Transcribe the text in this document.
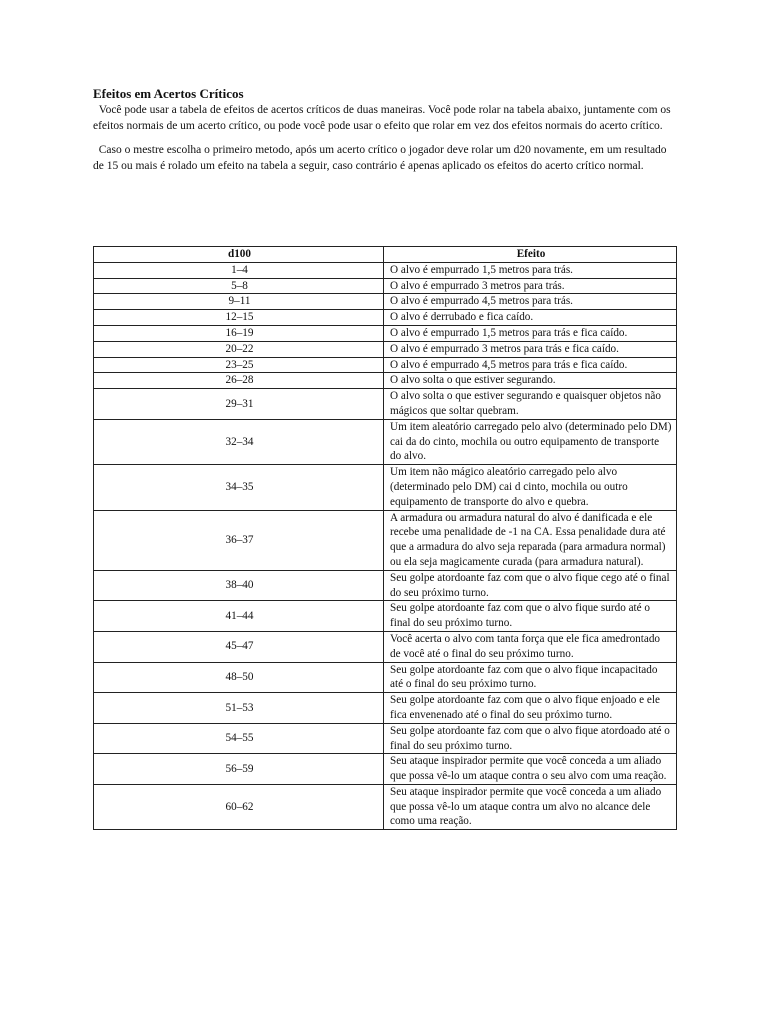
Efeitos em Acertos Críticos

Você pode usar a tabela de efeitos de acertos críticos de duas maneiras. Você pode rolar na tabela abaixo, juntamente com os efeitos normais de um acerto crítico, ou pode você pode usar o efeito que rolar em vez dos efeitos normais do acerto crítico.

Caso o mestre escolha o primeiro metodo, após um acerto crítico o jogador deve rolar um d20 novamente, em um resultado de 15 ou mais é rolado um efeito na tabela a seguir, caso contrário é apenas aplicado os efeitos do acerto crítico normal.

d100	Efeito
1–4	O alvo é empurrado 1,5 metros para trás.
5–8	O alvo é empurrado 3 metros para trás.
9–11	O alvo é empurrado 4,5 metros para trás.
12–15	O alvo é derrubado e fica caído.
16–19	O alvo é empurrado 1,5 metros para trás e fica caído.
20–22	O alvo é empurrado 3 metros para trás e fica caído.
23–25	O alvo é empurrado 4,5 metros para trás e fica caído.
26–28	O alvo solta o que estiver segurando.
29–31	O alvo solta o que estiver segurando e quaisquer objetos não mágicos que soltar quebram.
32–34	Um item aleatório carregado pelo alvo (determinado pelo DM) cai da do cinto, mochila ou outro equipamento de transporte do alvo.
34–35	Um item não mágico aleatório carregado pelo alvo (determinado pelo DM) cai d cinto, mochila ou outro equipamento de transporte do alvo e quebra.
36–37	A armadura ou armadura natural do alvo é danificada e ele recebe uma penalidade de -1 na CA. Essa penalidade dura até que a armadura do alvo seja reparada (para armadura normal) ou ela seja magicamente curada (para armadura natural).
38–40	Seu golpe atordoante faz com que o alvo fique cego até o final do seu próximo turno.
41–44	Seu golpe atordoante faz com que o alvo fique surdo até o final do seu próximo turno.
45–47	Você acerta o alvo com tanta força que ele fica amedrontado de você até o final do seu próximo turno.
48–50	Seu golpe atordoante faz com que o alvo fique incapacitado até o final do seu próximo turno.
51–53	Seu golpe atordoante faz com que o alvo fique enjoado e ele fica envenenado até o final do seu próximo turno.
54–55	Seu golpe atordoante faz com que o alvo fique atordoado até o final do seu próximo turno.
56–59	Seu ataque inspirador permite que você conceda a um aliado que possa vê-lo um ataque contra o seu alvo com uma reação.
60–62	Seu ataque inspirador permite que você conceda a um aliado que possa vê-lo um ataque contra um alvo no alcance dele como uma reação.
